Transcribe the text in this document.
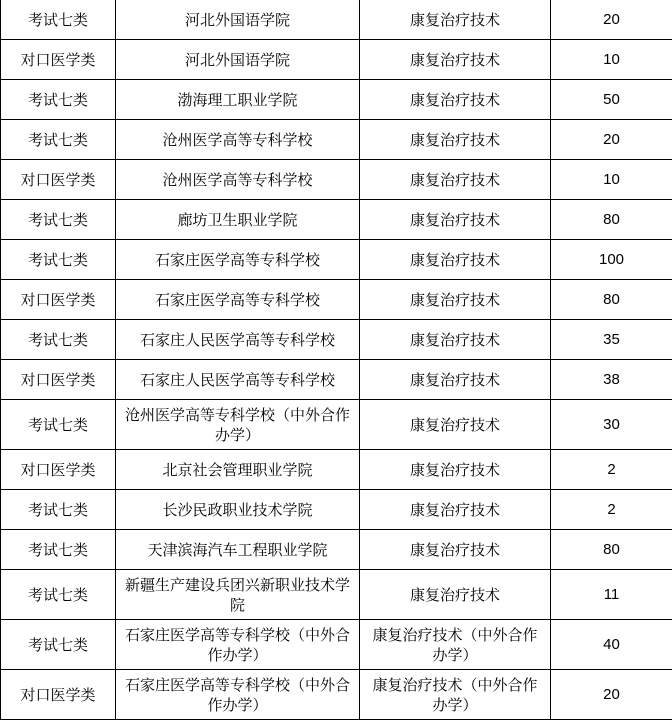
考试七类	河北外国语学院	康复治疗技术	20
对口医学类	河北外国语学院	康复治疗技术	10
考试七类	渤海理工职业学院	康复治疗技术	50
考试七类	沧州医学高等专科学校	康复治疗技术	20
对口医学类	沧州医学高等专科学校	康复治疗技术	10
考试七类	廊坊卫生职业学院	康复治疗技术	80
考试七类	石家庄医学高等专科学校	康复治疗技术	100
对口医学类	石家庄医学高等专科学校	康复治疗技术	80
考试七类	石家庄人民医学高等专科学校	康复治疗技术	35
对口医学类	石家庄人民医学高等专科学校	康复治疗技术	38
考试七类	沧州医学高等专科学校（中外合作办学）	康复治疗技术	30
对口医学类	北京社会管理职业学院	康复治疗技术	2
考试七类	长沙民政职业技术学院	康复治疗技术	2
考试七类	天津滨海汽车工程职业学院	康复治疗技术	80
考试七类	新疆生产建设兵团兴新职业技术学院	康复治疗技术	11
考试七类	石家庄医学高等专科学校（中外合作办学）	康复治疗技术（中外合作办学）	40
对口医学类	石家庄医学高等专科学校（中外合作办学）	康复治疗技术（中外合作办学）	20
